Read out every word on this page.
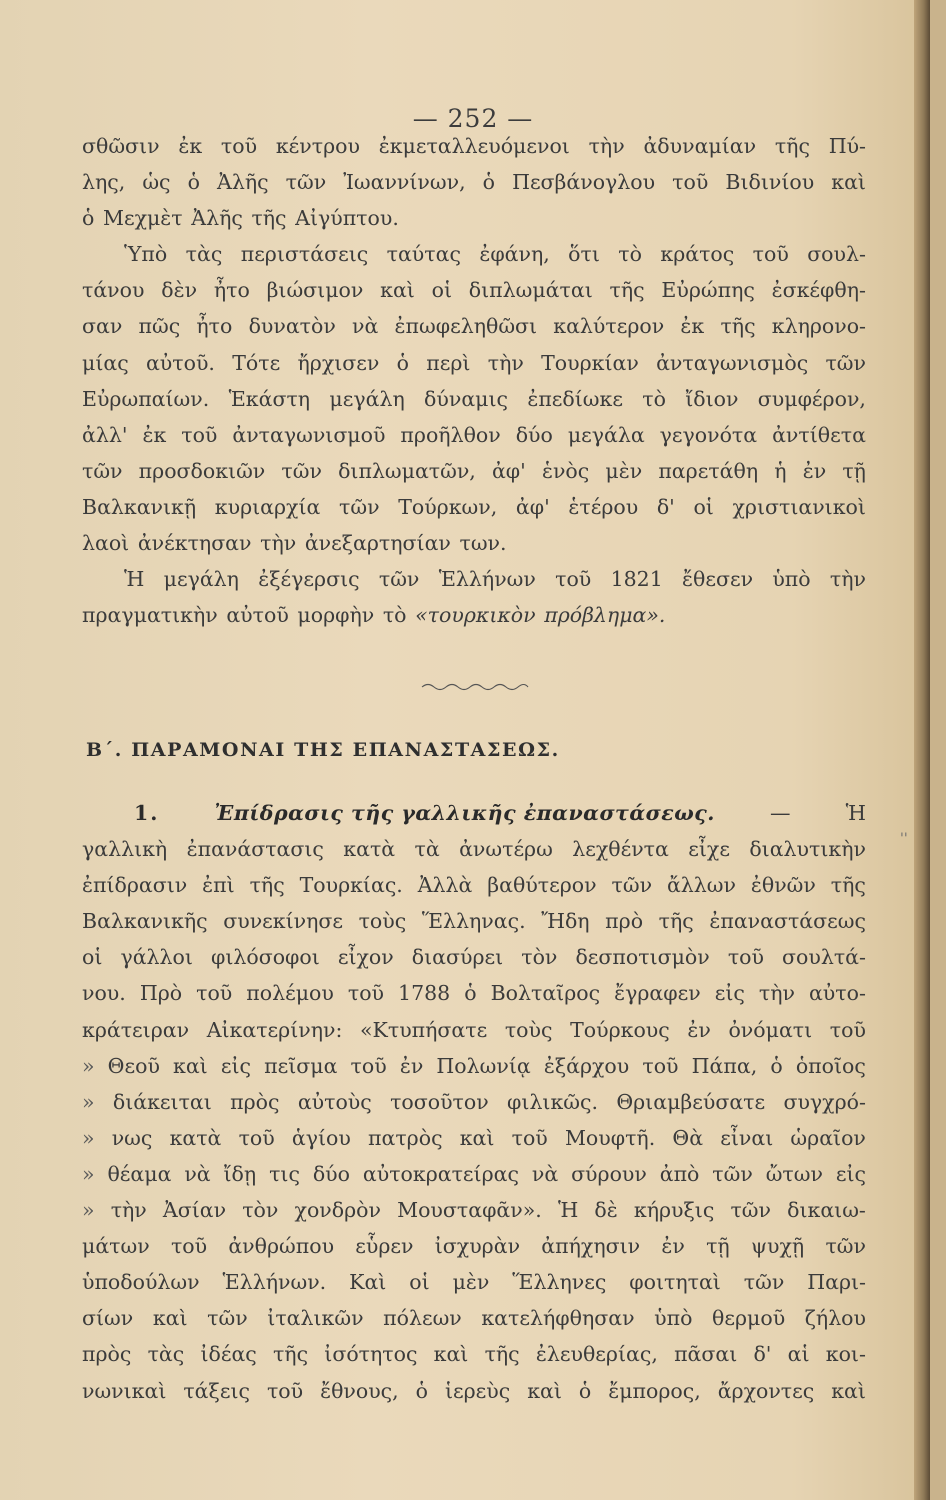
— 252 —
σθῶσιν ἐκ τοῦ κέντρου ἐκμεταλλευόμενοι τὴν ἀδυναμίαν τῆς Πύ-
λης, ὡς ὁ Ἀλῆς τῶν Ἰωαννίνων, ὁ Πεσβάνογλου τοῦ Βιδινίου καὶ
ὁ Μεχμὲτ Ἀλῆς τῆς Αἰγύπτου.
Ὑπὸ τὰς περιστάσεις ταύτας ἐφάνη, ὅτι τὸ κράτος τοῦ σουλ-
τάνου δὲν ἦτο βιώσιμον καὶ οἱ διπλωμάται τῆς Εὐρώπης ἐσκέφθη-
σαν πῶς ἦτο δυνατὸν νὰ ἐπωφεληθῶσι καλύτερον ἐκ τῆς κληρονο-
μίας αὐτοῦ. Τότε ἤρχισεν ὁ περὶ τὴν Τουρκίαν ἀνταγωνισμὸς τῶν
Εὐρωπαίων. Ἑκάστη μεγάλη δύναμις ἐπεδίωκε τὸ ἴδιον συμφέρον,
ἀλλ' ἐκ τοῦ ἀνταγωνισμοῦ προῆλθον δύο μεγάλα γεγονότα ἀντίθετα
τῶν προσδοκιῶν τῶν διπλωματῶν, ἀφ' ἑνὸς μὲν παρετάθη ἡ ἐν τῇ
Βαλκανικῇ κυριαρχία τῶν Τούρκων, ἀφ' ἑτέρου δ' οἱ χριστιανικοὶ
λαοὶ ἀνέκτησαν τὴν ἀνεξαρτησίαν των.
Ἡ μεγάλη ἐξέγερσις τῶν Ἑλλήνων τοῦ 1821 ἔθεσεν ὑπὸ τὴν
πραγματικὴν αὐτοῦ μορφὴν τὸ «τουρκικὸν πρόβλημα».
Β΄. ΠΑΡΑΜΟΝΑΙ ΤΗΣ ΕΠΑΝΑΣΤΑΣΕΩΣ.
1.	Ἐπίδρασις τῆς γαλλικῆς ἐπαναστάσεως.	—	Ἡ
γαλλικὴ ἐπανάστασις κατὰ τὰ ἀνωτέρω λεχθέντα εἶχε διαλυτικὴν
ἐπίδρασιν ἐπὶ τῆς Τουρκίας. Ἀλλὰ βαθύτερον τῶν ἄλλων ἐθνῶν τῆς
Βαλκανικῆς συνεκίνησε τοὺς Ἕλληνας. Ἤδη πρὸ τῆς ἐπαναστάσεως
οἱ γάλλοι φιλόσοφοι εἶχον διασύρει τὸν δεσποτισμὸν τοῦ σουλτά-
νου. Πρὸ τοῦ πολέμου τοῦ 1788 ὁ Βολταῖρος ἔγραφεν εἰς τὴν αὐτο-
κράτειραν Αἰκατερίνην: «Κτυπήσατε τοὺς Τούρκους ἐν ὀνόματι τοῦ
» Θεοῦ καὶ εἰς πεῖσμα τοῦ ἐν Πολωνίᾳ ἐξάρχου τοῦ Πάπα, ὁ ὁποῖος
» διάκειται πρὸς αὐτοὺς τοσοῦτον φιλικῶς. Θριαμβεύσατε συγχρό-
» νως κατὰ τοῦ ἁγίου πατρὸς καὶ τοῦ Μουφτῆ. Θὰ εἶναι ὡραῖον
» θέαμα νὰ ἴδῃ τις δύο αὐτοκρατείρας νὰ σύρουν ἀπὸ τῶν ὤτων εἰς
» τὴν Ἀσίαν τὸν χονδρὸν Μουσταφᾶν». Ἡ δὲ κήρυξις τῶν δικαιω-
μάτων τοῦ ἀνθρώπου εὗρεν ἰσχυρὰν ἀπήχησιν ἐν τῇ ψυχῇ τῶν
ὑποδούλων Ἑλλήνων. Καὶ οἱ μὲν Ἕλληνες φοιτηταὶ τῶν Παρι-
σίων καὶ τῶν ἰταλικῶν πόλεων κατελήφθησαν ὑπὸ θερμοῦ ζήλου
πρὸς τὰς ἰδέας τῆς ἰσότητος καὶ τῆς ἐλευθερίας, πᾶσαι δ' αἱ κοι-
νωνικαὶ τάξεις τοῦ ἔθνους, ὁ ἱερεὺς καὶ ὁ ἔμπορος, ἄρχοντες καὶ
''
